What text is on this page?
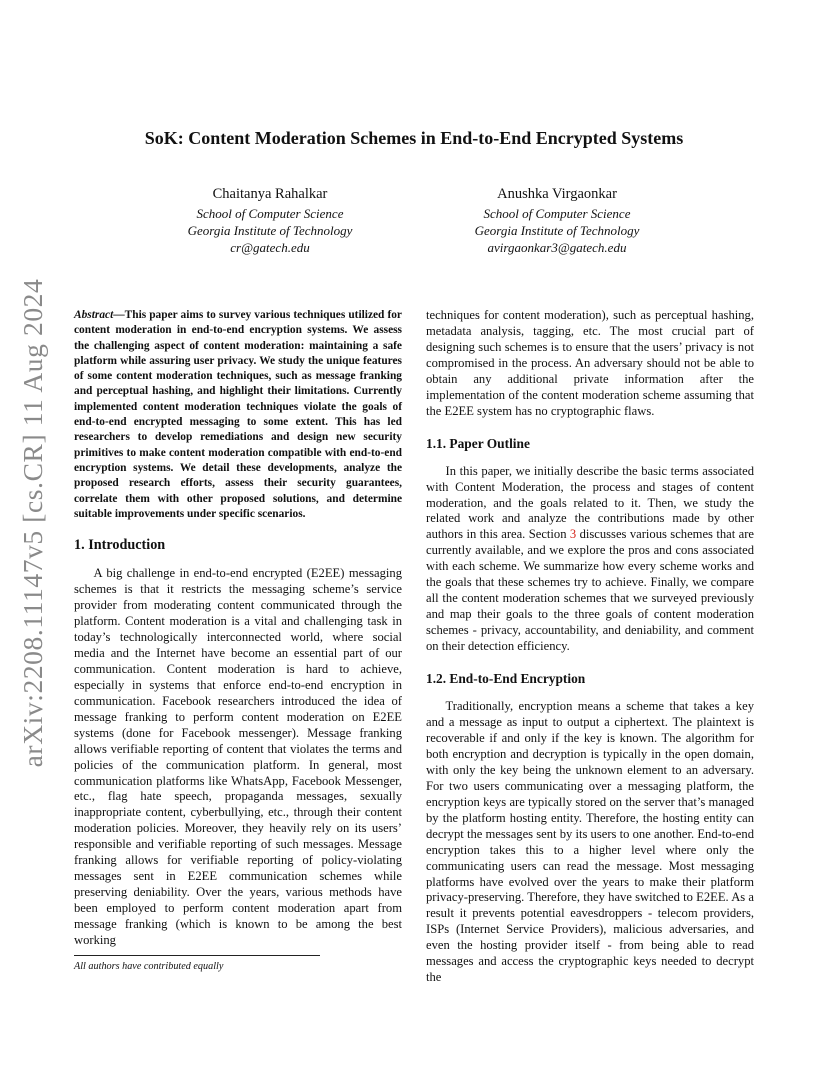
arXiv:2208.11147v5 [cs.CR] 11 Aug 2024
SoK: Content Moderation Schemes in End-to-End Encrypted Systems
Chaitanya Rahalkar
School of Computer Science
Georgia Institute of Technology
cr@gatech.edu
Anushka Virgaonkar
School of Computer Science
Georgia Institute of Technology
avirgaonkar3@gatech.edu

Abstract—This paper aims to survey various techniques utilized for content moderation in end-to-end encryption systems. We assess the challenging aspect of content moderation: maintaining a safe platform while assuring user privacy. We study the unique features of some content moderation techniques, such as message franking and perceptual hashing, and highlight their limitations. Currently implemented content moderation techniques violate the goals of end-to-end encrypted messaging to some extent. This has led researchers to develop remediations and design new security primitives to make content moderation compatible with end-to-end encryption systems. We detail these developments, analyze the proposed research efforts, assess their security guarantees, correlate them with other proposed solutions, and determine suitable improvements under specific scenarios.

1. Introduction

A big challenge in end-to-end encrypted (E2EE) messaging schemes is that it restricts the messaging scheme’s service provider from moderating content communicated through the platform. Content moderation is a vital and challenging task in today’s technologically interconnected world, where social media and the Internet have become an essential part of our communication. Content moderation is hard to achieve, especially in systems that enforce end-to-end encryption in communication. Facebook researchers introduced the idea of message franking to perform content moderation on E2EE systems (done for Facebook messenger). Message franking allows verifiable reporting of content that violates the terms and policies of the communication platform. In general, most communication platforms like WhatsApp, Facebook Messenger, etc., flag hate speech, propaganda messages, sexually inappropriate content, cyberbullying, etc., through their content moderation policies. Moreover, they heavily rely on its users’ responsible and verifiable reporting of such messages. Message franking allows for verifiable reporting of policy-violating messages sent in E2EE communication schemes while preserving deniability. Over the years, various methods have been employed to perform content moderation apart from message franking (which is known to be among the best working

techniques for content moderation), such as perceptual hashing, metadata analysis, tagging, etc. The most crucial part of designing such schemes is to ensure that the users’ privacy is not compromised in the process. An adversary should not be able to obtain any additional private information after the implementation of the content moderation scheme assuming that the E2EE system has no cryptographic flaws.

1.1. Paper Outline

In this paper, we initially describe the basic terms associated with Content Moderation, the process and stages of content moderation, and the goals related to it. Then, we study the related work and analyze the contributions made by other authors in this area. Section 3 discusses various schemes that are currently available, and we explore the pros and cons associated with each scheme. We summarize how every scheme works and the goals that these schemes try to achieve. Finally, we compare all the content moderation schemes that we surveyed previously and map their goals to the three goals of content moderation schemes - privacy, accountability, and deniability, and comment on their detection efficiency.

1.2. End-to-End Encryption

Traditionally, encryption means a scheme that takes a key and a message as input to output a ciphertext. The plaintext is recoverable if and only if the key is known. The algorithm for both encryption and decryption is typically in the open domain, with only the key being the unknown element to an adversary. For two users communicating over a messaging platform, the encryption keys are typically stored on the server that’s managed by the platform hosting entity. Therefore, the hosting entity can decrypt the messages sent by its users to one another. End-to-end encryption takes this to a higher level where only the communicating users can read the message. Most messaging platforms have evolved over the years to make their platform privacy-preserving. Therefore, they have switched to E2EE. As a result it prevents potential eavesdroppers - telecom providers, ISPs (Internet Service Providers), malicious adversaries, and even the hosting provider itself - from being able to read messages and access the cryptographic keys needed to decrypt the

All authors have contributed equally
